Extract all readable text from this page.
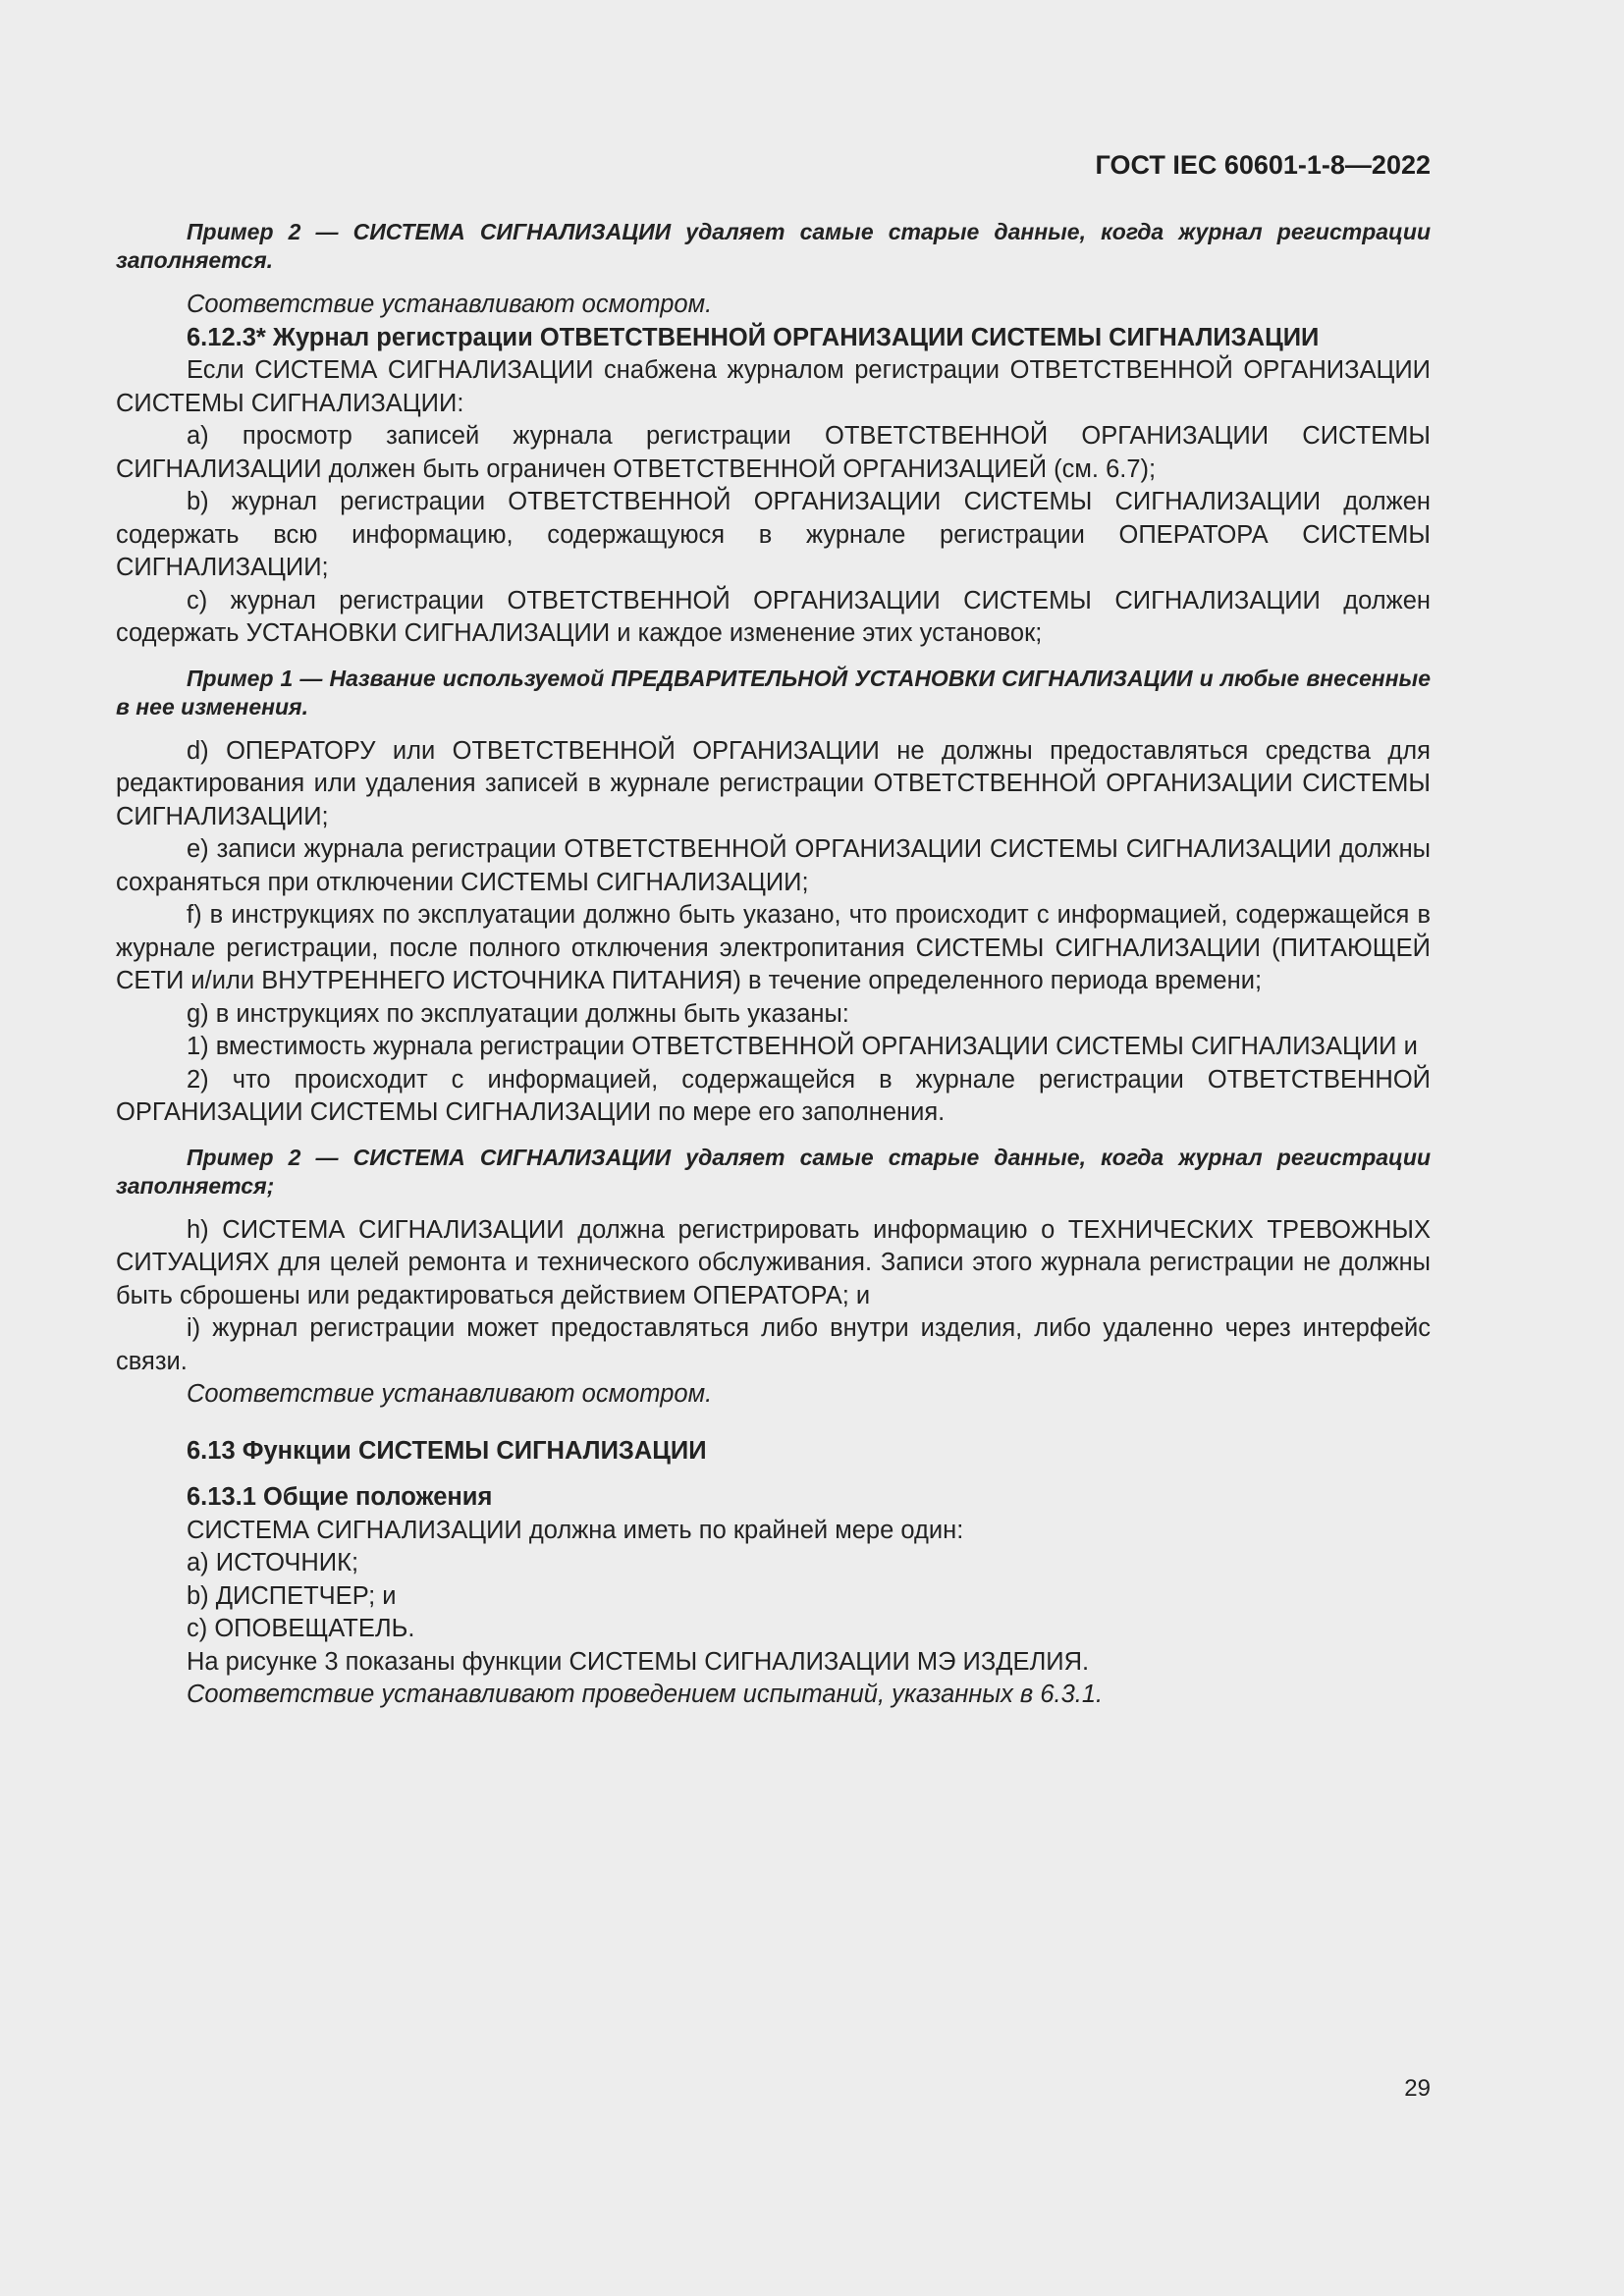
ГОСТ IEC 60601-1-8—2022

Пример 2 — СИСТЕМА СИГНАЛИЗАЦИИ удаляет самые старые данные, когда журнал регистрации заполняется.

Соответствие устанавливают осмотром.

6.12.3* Журнал регистрации ОТВЕТСТВЕННОЙ ОРГАНИЗАЦИИ СИСТЕМЫ СИГНАЛИЗАЦИИ

Если СИСТЕМА СИГНАЛИЗАЦИИ снабжена журналом регистрации ОТВЕТСТВЕННОЙ ОРГАНИЗАЦИИ СИСТЕМЫ СИГНАЛИЗАЦИИ:

a) просмотр записей журнала регистрации ОТВЕТСТВЕННОЙ ОРГАНИЗАЦИИ СИСТЕМЫ СИГНАЛИЗАЦИИ должен быть ограничен ОТВЕТСТВЕННОЙ ОРГАНИЗАЦИЕЙ (см. 6.7);

b) журнал регистрации ОТВЕТСТВЕННОЙ ОРГАНИЗАЦИИ СИСТЕМЫ СИГНАЛИЗАЦИИ должен содержать всю информацию, содержащуюся в журнале регистрации ОПЕРАТОРА СИСТЕМЫ СИГНАЛИЗАЦИИ;

c) журнал регистрации ОТВЕТСТВЕННОЙ ОРГАНИЗАЦИИ СИСТЕМЫ СИГНАЛИЗАЦИИ должен содержать УСТАНОВКИ СИГНАЛИЗАЦИИ и каждое изменение этих установок;

Пример 1 — Название используемой ПРЕДВАРИТЕЛЬНОЙ УСТАНОВКИ СИГНАЛИЗАЦИИ и любые внесенные в нее изменения.

d) ОПЕРАТОРУ или ОТВЕТСТВЕННОЙ ОРГАНИЗАЦИИ не должны предоставляться средства для редактирования или удаления записей в журнале регистрации ОТВЕТСТВЕННОЙ ОРГАНИЗАЦИИ СИСТЕМЫ СИГНАЛИЗАЦИИ;

e) записи журнала регистрации ОТВЕТСТВЕННОЙ ОРГАНИЗАЦИИ СИСТЕМЫ СИГНАЛИЗАЦИИ должны сохраняться при отключении СИСТЕМЫ СИГНАЛИЗАЦИИ;

f) в инструкциях по эксплуатации должно быть указано, что происходит с информацией, содержащейся в журнале регистрации, после полного отключения электропитания СИСТЕМЫ СИГНАЛИЗАЦИИ (ПИТАЮЩЕЙ СЕТИ и/или ВНУТРЕННЕГО ИСТОЧНИКА ПИТАНИЯ) в течение определенного периода времени;

g) в инструкциях по эксплуатации должны быть указаны:

1) вместимость журнала регистрации ОТВЕТСТВЕННОЙ ОРГАНИЗАЦИИ СИСТЕМЫ СИГНАЛИЗАЦИИ и

2) что происходит с информацией, содержащейся в журнале регистрации ОТВЕТСТВЕННОЙ ОРГАНИЗАЦИИ СИСТЕМЫ СИГНАЛИЗАЦИИ по мере его заполнения.

Пример 2 — СИСТЕМА СИГНАЛИЗАЦИИ удаляет самые старые данные, когда журнал регистрации заполняется;

h) СИСТЕМА СИГНАЛИЗАЦИИ должна регистрировать информацию о ТЕХНИЧЕСКИХ ТРЕВОЖНЫХ СИТУАЦИЯХ для целей ремонта и технического обслуживания. Записи этого журнала регистрации не должны быть сброшены или редактироваться действием ОПЕРАТОРА; и

i) журнал регистрации может предоставляться либо внутри изделия, либо удаленно через интерфейс связи.

Соответствие устанавливают осмотром.

6.13 Функции СИСТЕМЫ СИГНАЛИЗАЦИИ

6.13.1 Общие положения

СИСТЕМА СИГНАЛИЗАЦИИ должна иметь по крайней мере один:

a) ИСТОЧНИК;

b) ДИСПЕТЧЕР; и

c) ОПОВЕЩАТЕЛЬ.

На рисунке 3 показаны функции СИСТЕМЫ СИГНАЛИЗАЦИИ МЭ ИЗДЕЛИЯ.

Соответствие устанавливают проведением испытаний, указанных в 6.3.1.

29
